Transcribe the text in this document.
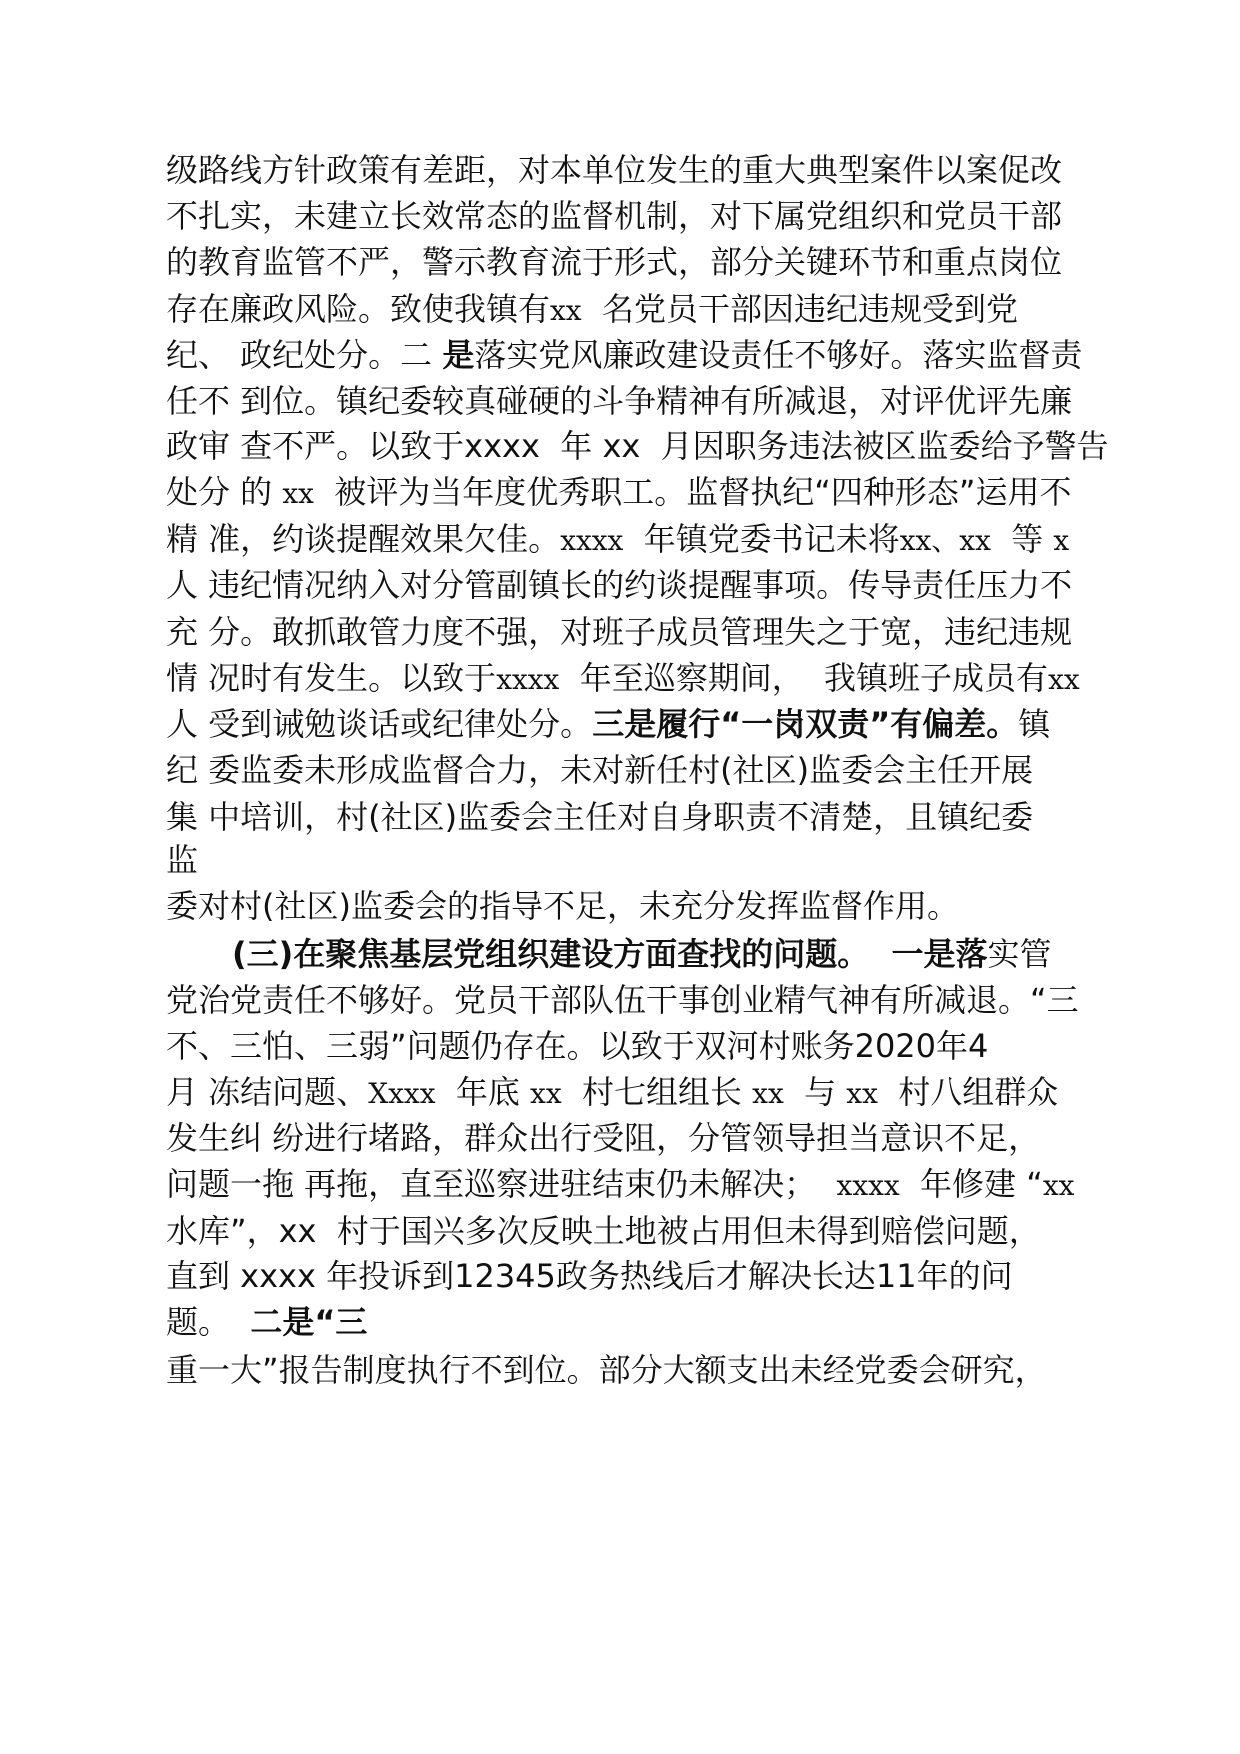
级路线方针政策有差距，对本单位发生的重大典型案件以案促改
不扎实，未建立长效常态的监督机制，对下属党组织和党员干部
的教育监管不严，警示教育流于形式，部分关键环节和重点岗位
存在廉政风险。致使我镇有xx  名党员干部因违纪违规受到党
纪、 政纪处分。二 是落实党风廉政建设责任不够好。落实监督责
任不 到位。镇纪委较真碰硬的斗争精神有所减退，对评优评先廉
政审 查不严。以致于xxxx  年 xx  月因职务违法被区监委给予警告
处分 的 xx  被评为当年度优秀职工。监督执纪“四种形态”运用不
精 准，约谈提醒效果欠佳。xxxx  年镇党委书记未将xx、xx  等 x
人 违纪情况纳入对分管副镇长的约谈提醒事项。传导责任压力不
充 分。敢抓敢管力度不强，对班子成员管理失之于宽，违纪违规
情 况时有发生。以致于xxxx  年至巡察期间，  我镇班子成员有xx
人 受到诫勉谈话或纪律处分。三是履行“一岗双责”有偏差。镇
纪 委监委未形成监督合力，未对新任村(社区)监委会主任开展
集 中培训，村(社区)监委会主任对自身职责不清楚，且镇纪委
监
委对村(社区)监委会的指导不足，未充分发挥监督作用。
(三)在聚焦基层党组织建设方面查找的问题。  一是落实管
党治党责任不够好。党员干部队伍干事创业精气神有所减退。“三
不、三怕、三弱”问题仍存在。以致于双河村账务2020年4
月 冻结问题、Xxxx  年底 xx  村七组组长 xx  与 xx  村八组群众
发生纠 纷进行堵路，群众出行受阻，分管领导担当意识不足，
问题一拖 再拖，直至巡察进驻结束仍未解决；  xxxx  年修建 “xx
水库”，xx  村于国兴多次反映土地被占用但未得到赔偿问题，
直到 xxxx 年投诉到12345政务热线后才解决长达11年的问
题。  二是“三
重一大”报告制度执行不到位。部分大额支出未经党委会研究，
